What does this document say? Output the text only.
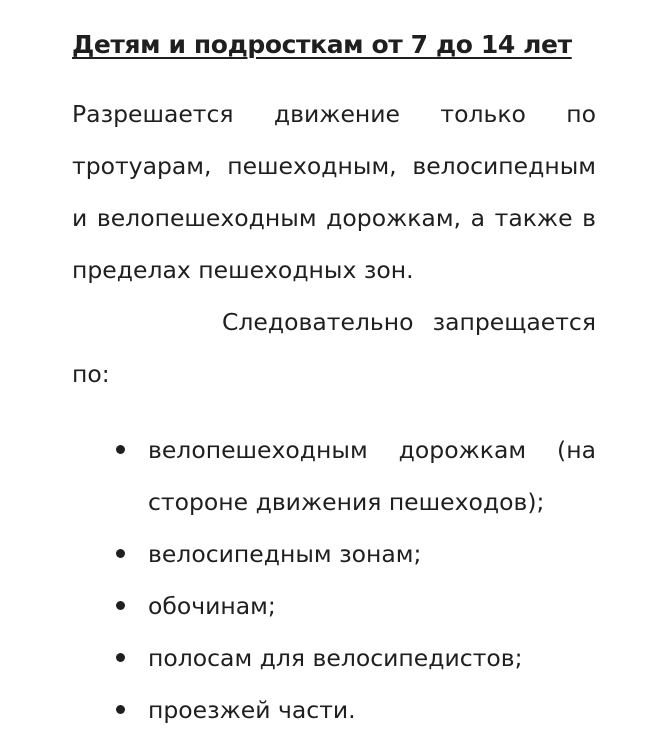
Детям и подросткам от 7 до 14 лет

Разрешается движение только по тротуарам, пешеходным, велосипедным и велопешеходным дорожкам, а также в пределах пешеходных зон.

Следовательно запрещается по:

велопешеходным дорожкам (на стороне движения пешеходов);
велосипедным зонам;
обочинам;
полосам для велосипедистов;
проезжей части.
